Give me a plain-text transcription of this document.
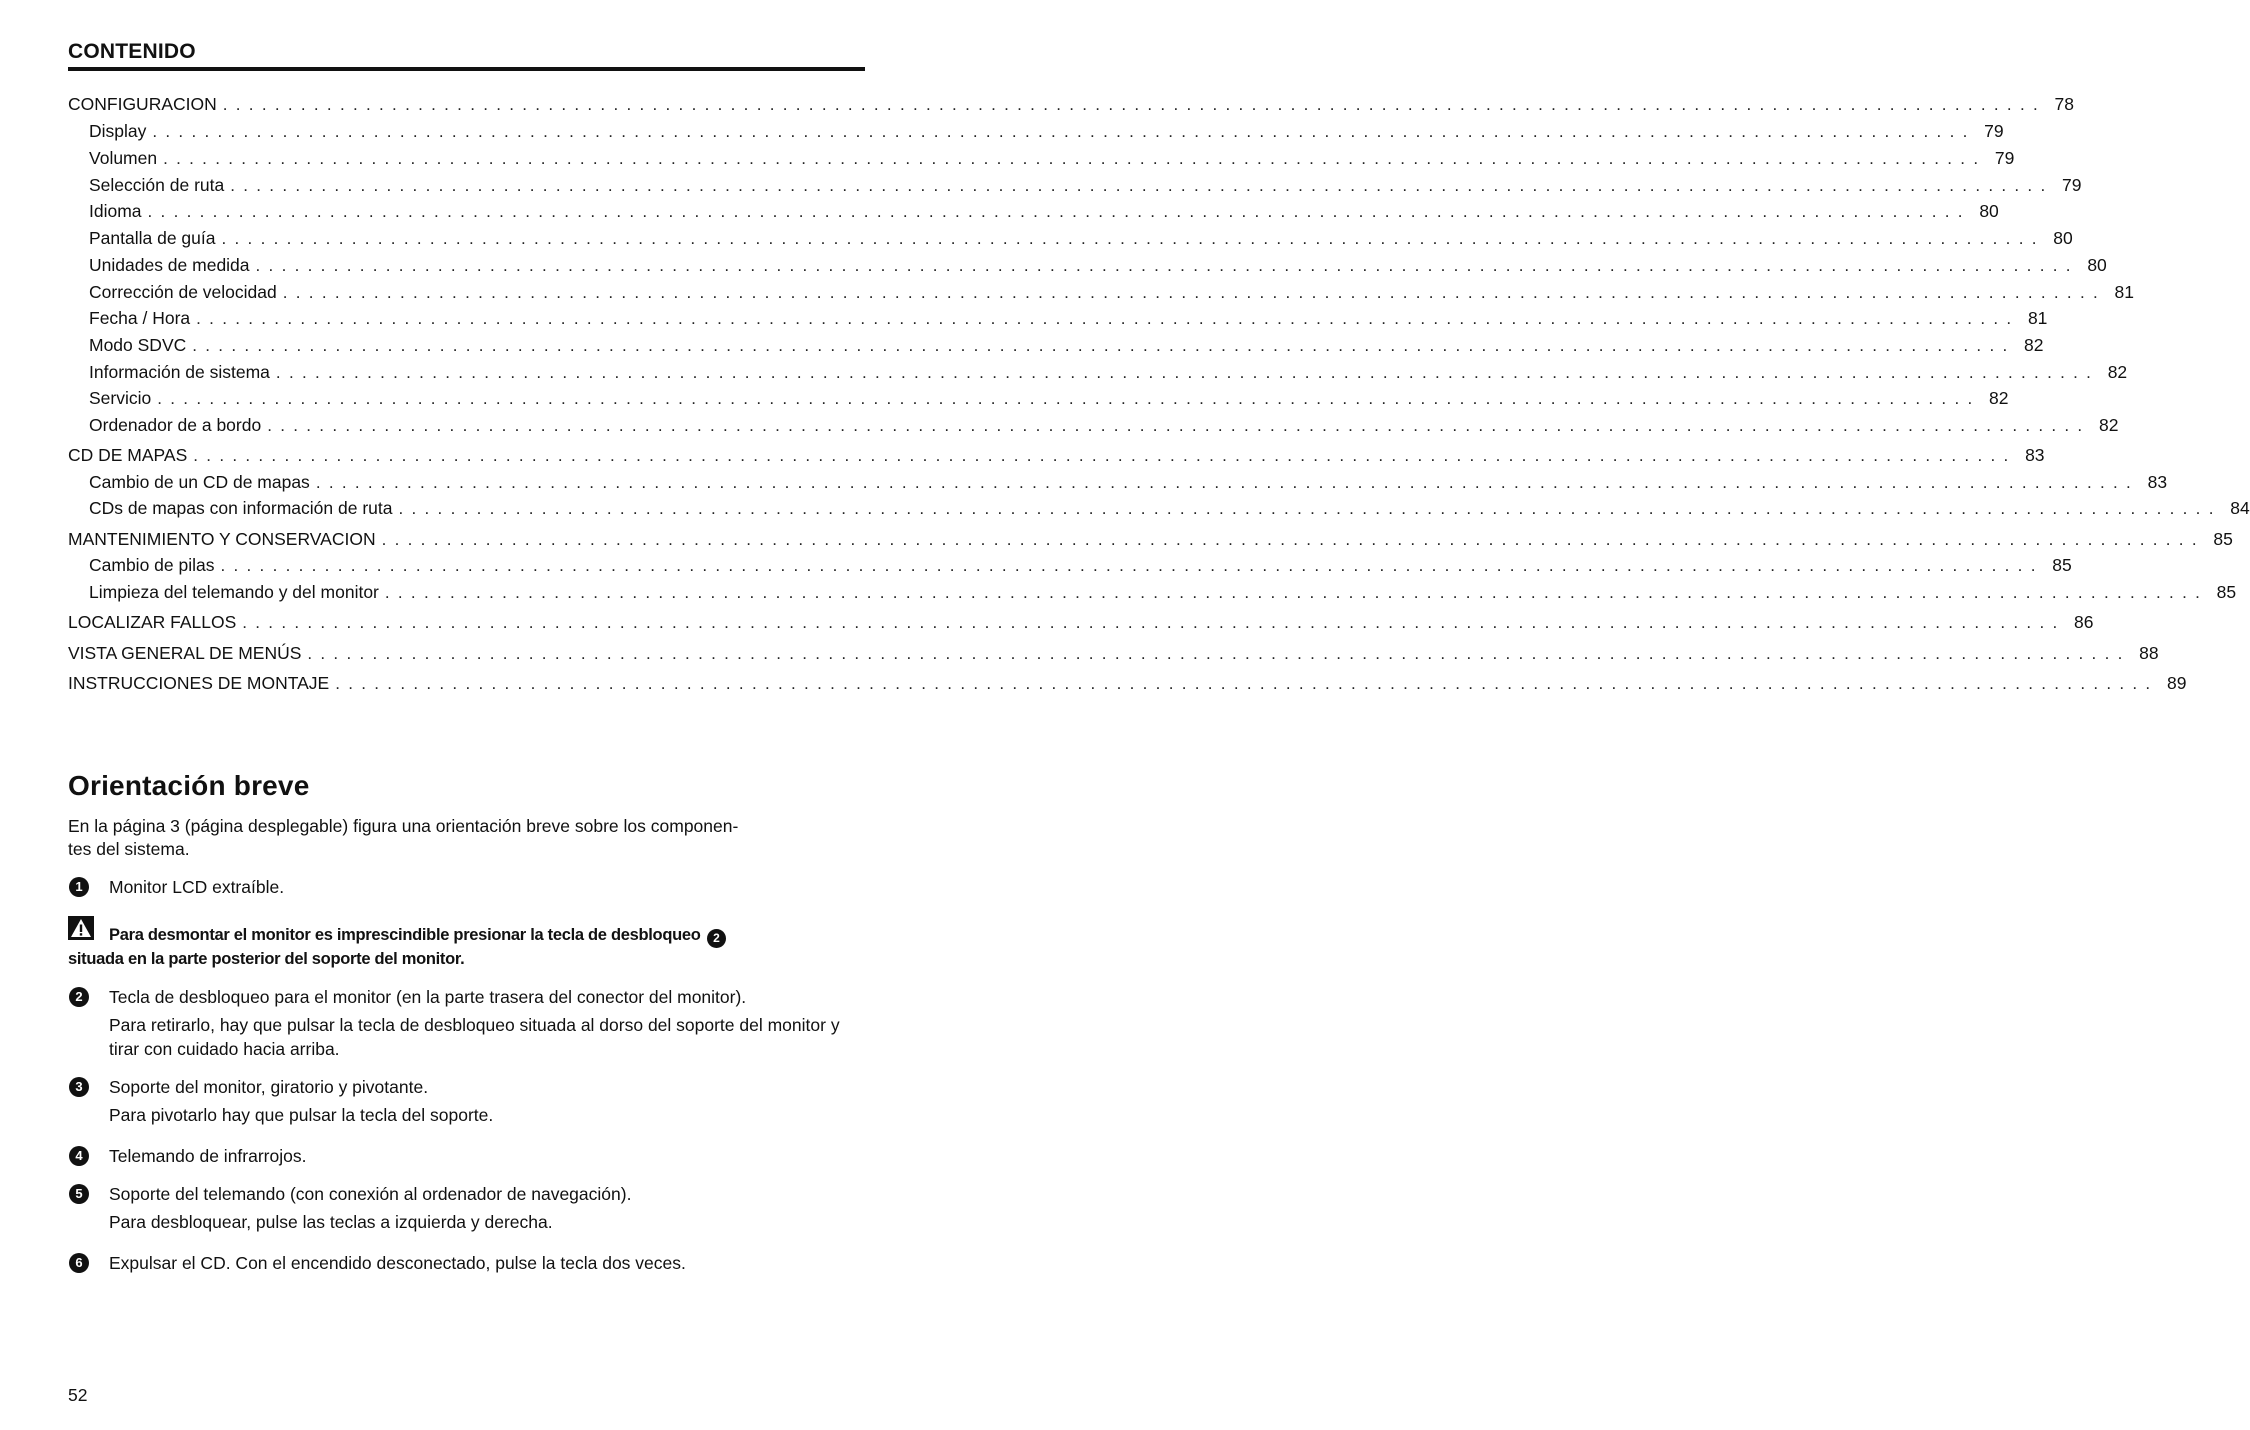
CONTENIDO
CONFIGURACION ............................................................................................................................................ 78
Display ............................................................................................................................................ 79
Volumen ............................................................................................................................................ 79
Selección de ruta ............................................................................................................................................ 79
Idioma ............................................................................................................................................ 80
Pantalla de guía ............................................................................................................................................ 80
Unidades de medida ............................................................................................................................................ 80
Corrección de velocidad ............................................................................................................................................ 81
Fecha / Hora ............................................................................................................................................ 81
Modo SDVC ............................................................................................................................................ 82
Información de sistema ............................................................................................................................................ 82
Servicio ............................................................................................................................................ 82
Ordenador de a bordo ............................................................................................................................................ 82
CD DE MAPAS ............................................................................................................................................ 83
Cambio de un CD de mapas ............................................................................................................................................ 83
CDs de mapas con información de ruta ............................................................................................................................................ 84
MANTENIMIENTO Y CONSERVACION ............................................................................................................................................ 85
Cambio de pilas ............................................................................................................................................ 85
Limpieza del telemando y del monitor ............................................................................................................................................ 85
LOCALIZAR FALLOS ............................................................................................................................................ 86
VISTA GENERAL DE MENÚS ............................................................................................................................................ 88
INSTRUCCIONES DE MONTAJE ............................................................................................................................................ 89
Orientación breve

En la página 3 (página desplegable) figura una orientación breve sobre los componen-
tes del sistema.

1	Monitor LCD extraíble.

Para desmontar el monitor es imprescindible presionar la tecla de desbloqueo 2
situada en la parte posterior del soporte del monitor.

2	Tecla de desbloqueo para el monitor (en la parte trasera del conector del monitor).

Para retirarlo, hay que pulsar la tecla de desbloqueo situada al dorso del soporte del monitor y tirar con cuidado hacia arriba.

3	Soporte del monitor, giratorio y pivotante.

Para pivotarlo hay que pulsar la tecla del soporte.

4	Telemando de infrarrojos.

5	Soporte del telemando (con conexión al ordenador de navegación).

Para desbloquear, pulse las teclas a izquierda y derecha.

6	Expulsar el CD. Con el encendido desconectado, pulse la tecla dos veces.

52
